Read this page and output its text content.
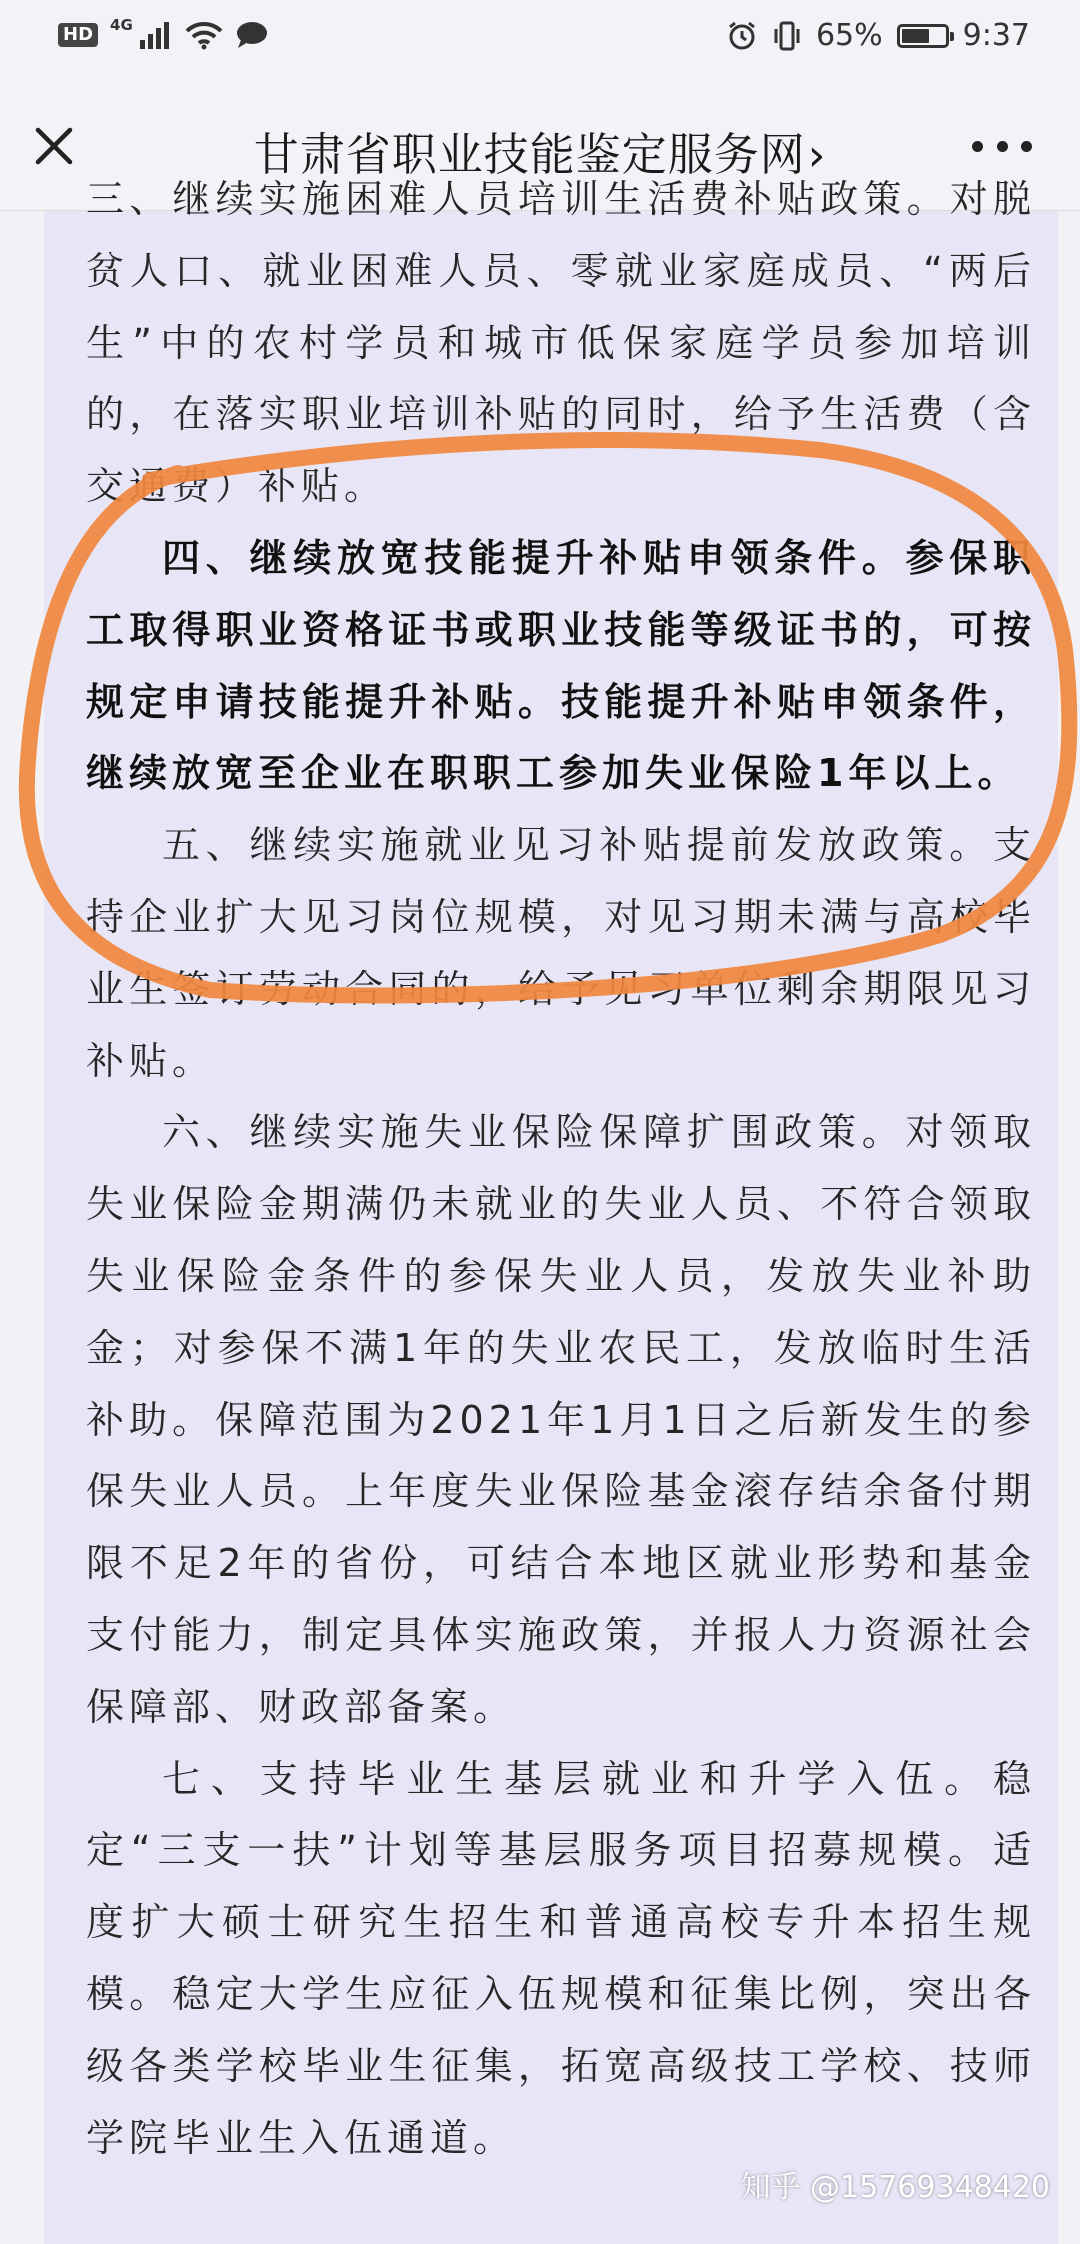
HD	4G	65%	9:37
甘肃省职业技能鉴定服务网›

三、继续实施困难人员培训生活费补贴政策。对脱贫人口、就业困难人员、零就业家庭成员、“两后生”中的农村学员和城市低保家庭学员参加培训的，在落实职业培训补贴的同时，给予生活费（含交通费）补贴。

四、继续放宽技能提升补贴申领条件。参保职工取得职业资格证书或职业技能等级证书的，可按规定申请技能提升补贴。技能提升补贴申领条件，继续放宽至企业在职职工参加失业保险1年以上。

五、继续实施就业见习补贴提前发放政策。支持企业扩大见习岗位规模，对见习期未满与高校毕业生签订劳动合同的，给予见习单位剩余期限见习补贴。

六、继续实施失业保险保障扩围政策。对领取失业保险金期满仍未就业的失业人员、不符合领取失业保险金条件的参保失业人员，发放失业补助金；对参保不满1年的失业农民工，发放临时生活补助。保障范围为2021年1月1日之后新发生的参保失业人员。上年度失业保险基金滚存结余备付期限不足2年的省份，可结合本地区就业形势和基金支付能力，制定具体实施政策，并报人力资源社会保障部、财政部备案。

七、支持毕业生基层就业和升学入伍。稳定“三支一扶”计划等基层服务项目招募规模。适度扩大硕士研究生招生和普通高校专升本招生规模。稳定大学生应征入伍规模和征集比例，突出各级各类学校毕业生征集，拓宽高级技工学校、技师学院毕业生入伍通道。

知乎 @15769348420
